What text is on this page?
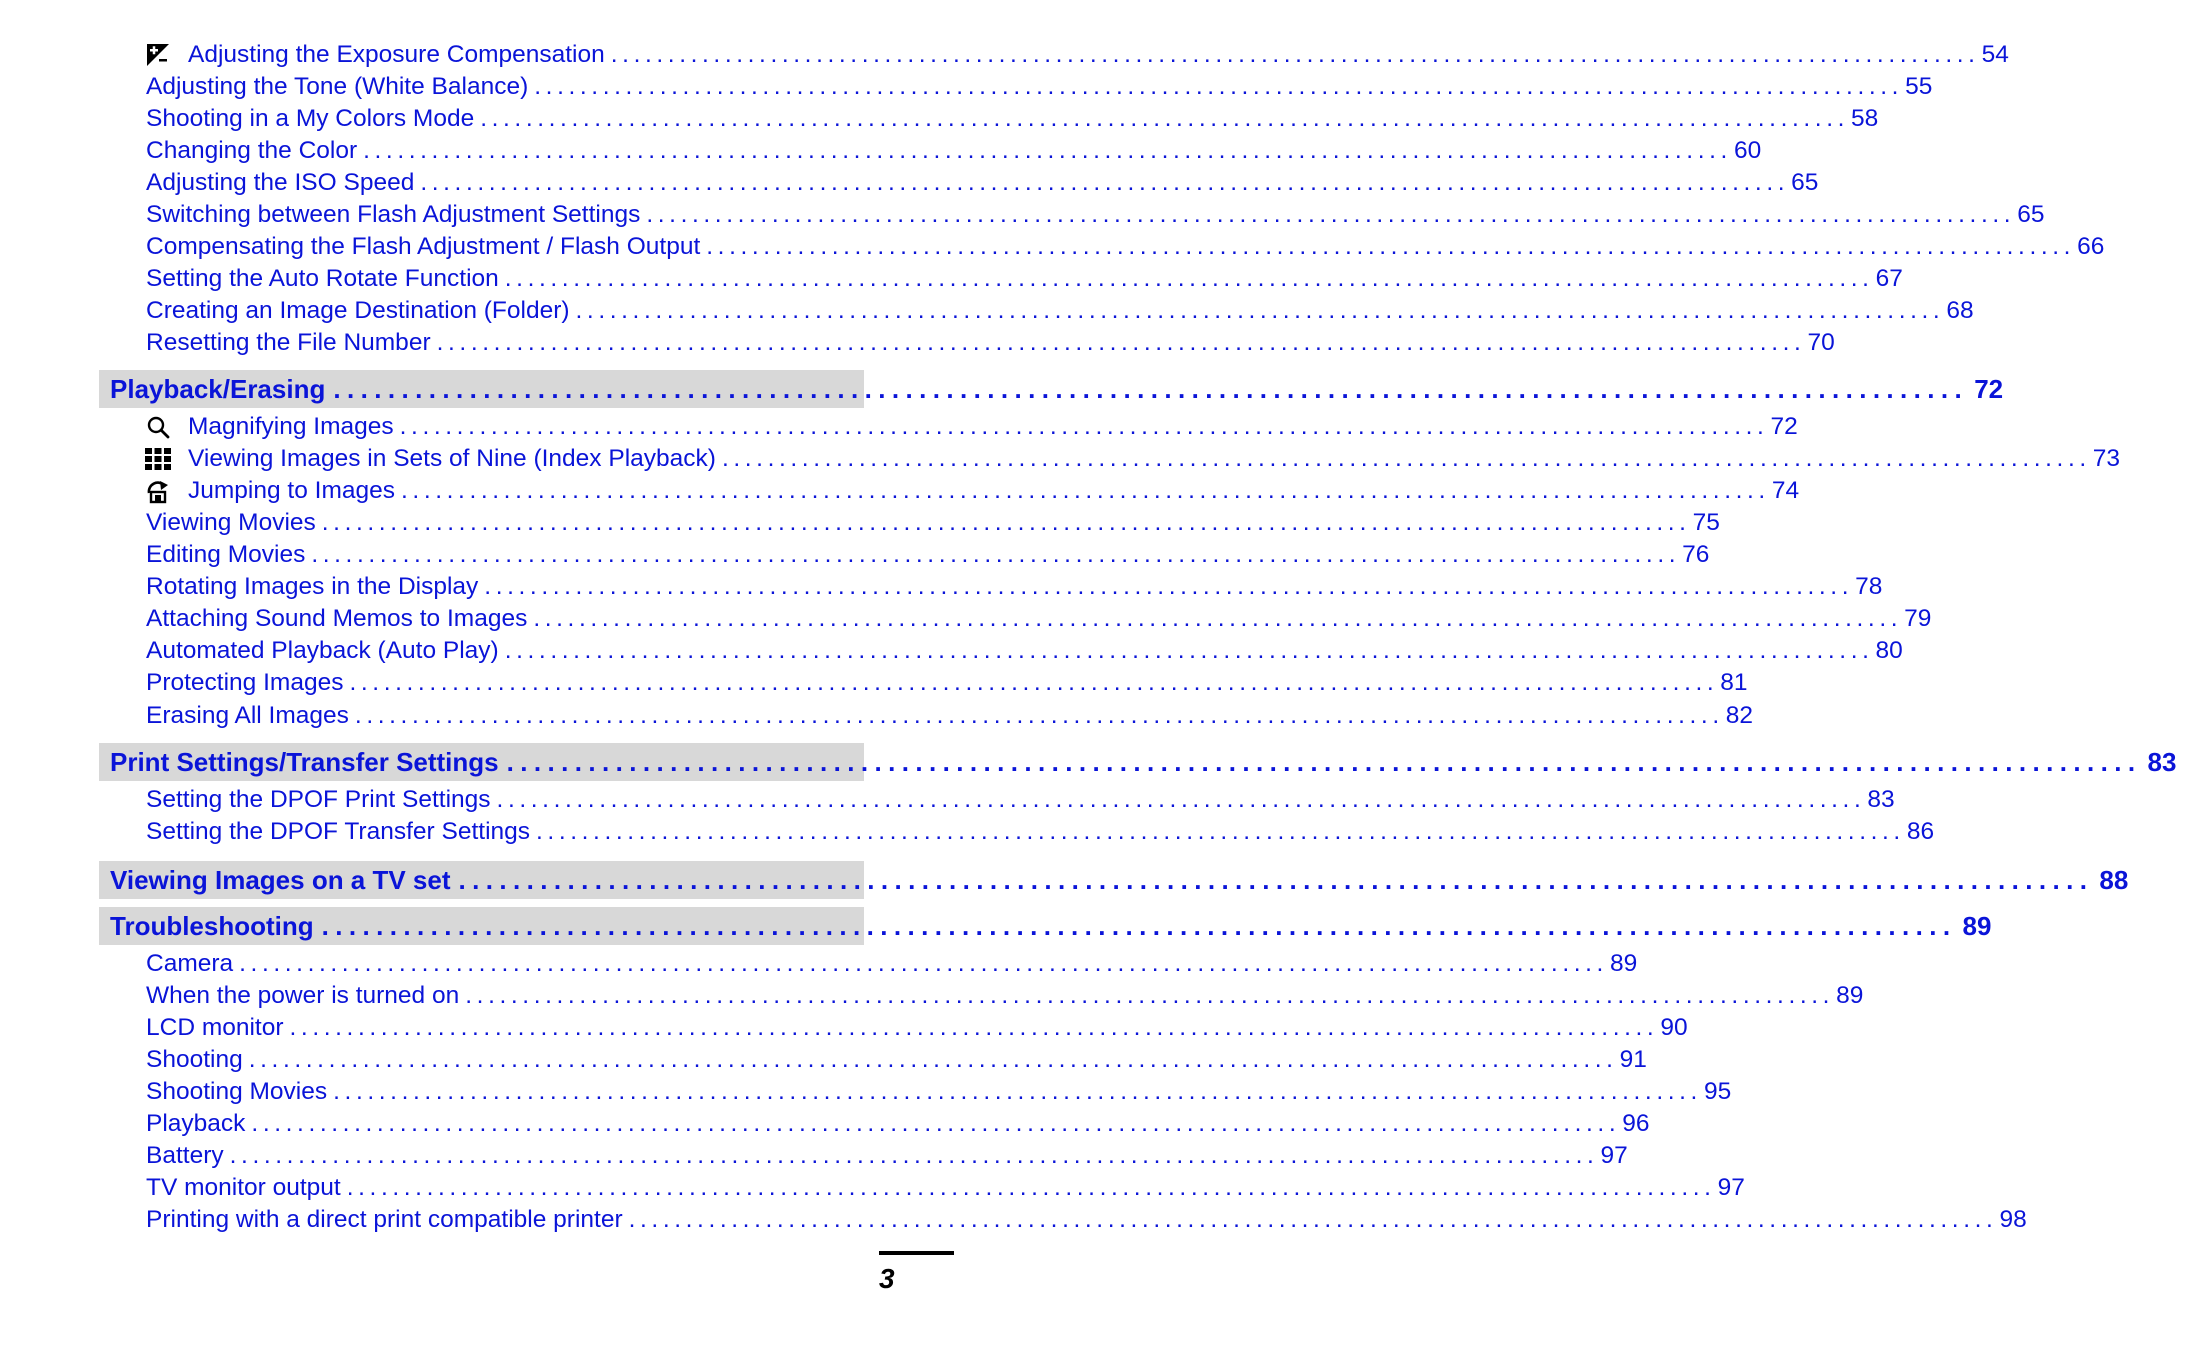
Adjusting the Exposure Compensation ........................................................................................................................ 54
Adjusting the Tone (White Balance) ........................................................................................................................ 55
Shooting in a My Colors Mode ........................................................................................................................ 58
Changing the Color ........................................................................................................................ 60
Adjusting the ISO Speed ........................................................................................................................ 65
Switching between Flash Adjustment Settings ........................................................................................................................ 65
Compensating the Flash Adjustment / Flash Output ........................................................................................................................ 66
Setting the Auto Rotate Function ........................................................................................................................ 67
Creating an Image Destination (Folder) ........................................................................................................................ 68
Resetting the File Number ........................................................................................................................ 70
Playback/Erasing ........................................................................................................................ 72
Magnifying Images ........................................................................................................................ 72
Viewing Images in Sets of Nine (Index Playback) ........................................................................................................................ 73
Jumping to Images ........................................................................................................................ 74
Viewing Movies ........................................................................................................................ 75
Editing Movies ........................................................................................................................ 76
Rotating Images in the Display ........................................................................................................................ 78
Attaching Sound Memos to Images ........................................................................................................................ 79
Automated Playback (Auto Play) ........................................................................................................................ 80
Protecting Images ........................................................................................................................ 81
Erasing All Images ........................................................................................................................ 82
Print Settings/Transfer Settings ........................................................................................................................ 83
Setting the DPOF Print Settings ........................................................................................................................ 83
Setting the DPOF Transfer Settings ........................................................................................................................ 86
Viewing Images on a TV set ........................................................................................................................ 88
Troubleshooting ........................................................................................................................ 89
Camera ........................................................................................................................ 89
When the power is turned on ........................................................................................................................ 89
LCD monitor ........................................................................................................................ 90
Shooting ........................................................................................................................ 91
Shooting Movies ........................................................................................................................ 95
Playback ........................................................................................................................ 96
Battery ........................................................................................................................ 97
TV monitor output ........................................................................................................................ 97
Printing with a direct print compatible printer ........................................................................................................................ 98
3
